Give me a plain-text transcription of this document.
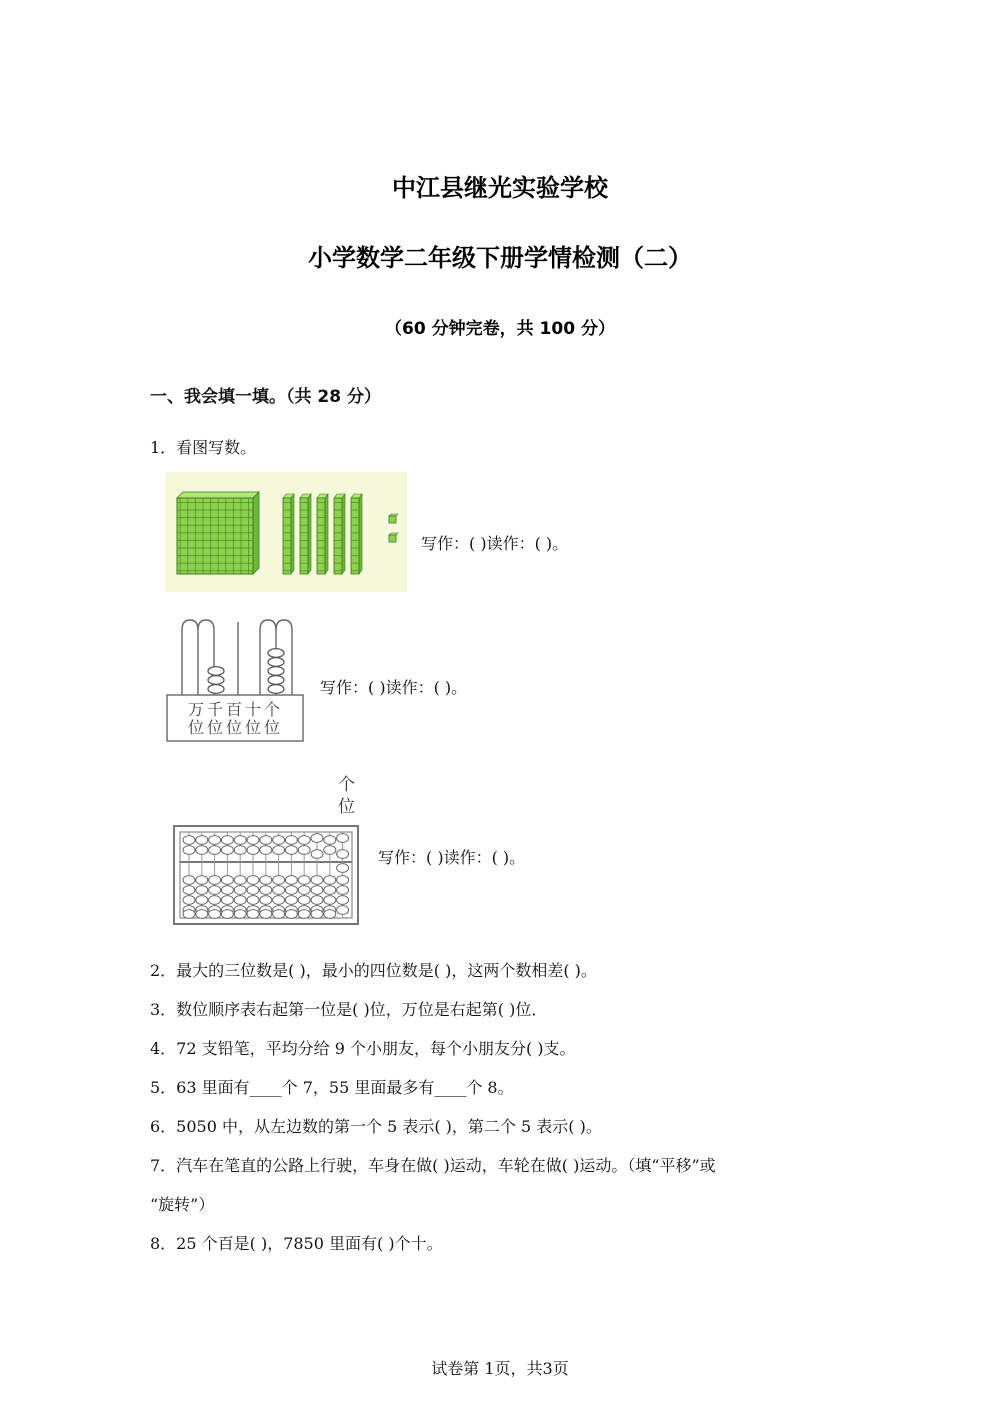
中江县继光实验学校
小学数学二年级下册学情检测（二）
（60 分钟完卷，共 100 分）
一、我会填一填。（共 28 分）
1．看图写数。
写作：( )读作：( )。
万千百十个
位位位位位
写作：( )读作：( )。
个
位
写作：( )读作：( )。
2．最大的三位数是( )，最小的四位数是( )，这两个数相差( )。
3．数位顺序表右起第一位是( )位，万位是右起第( )位．
4．72 支铅笔，平均分给 9 个小朋友，每个小朋友分( )支。
5．63 里面有____个 7，55 里面最多有____个 8。
6．5050 中，从左边数的第一个 5 表示( )，第二个 5 表示( )。
7．汽车在笔直的公路上行驶，车身在做( )运动，车轮在做( )运动。（填“平移”或
“旋转”）
8．25 个百是( )，7850 里面有( )个十。
试卷第 1页，共3页
